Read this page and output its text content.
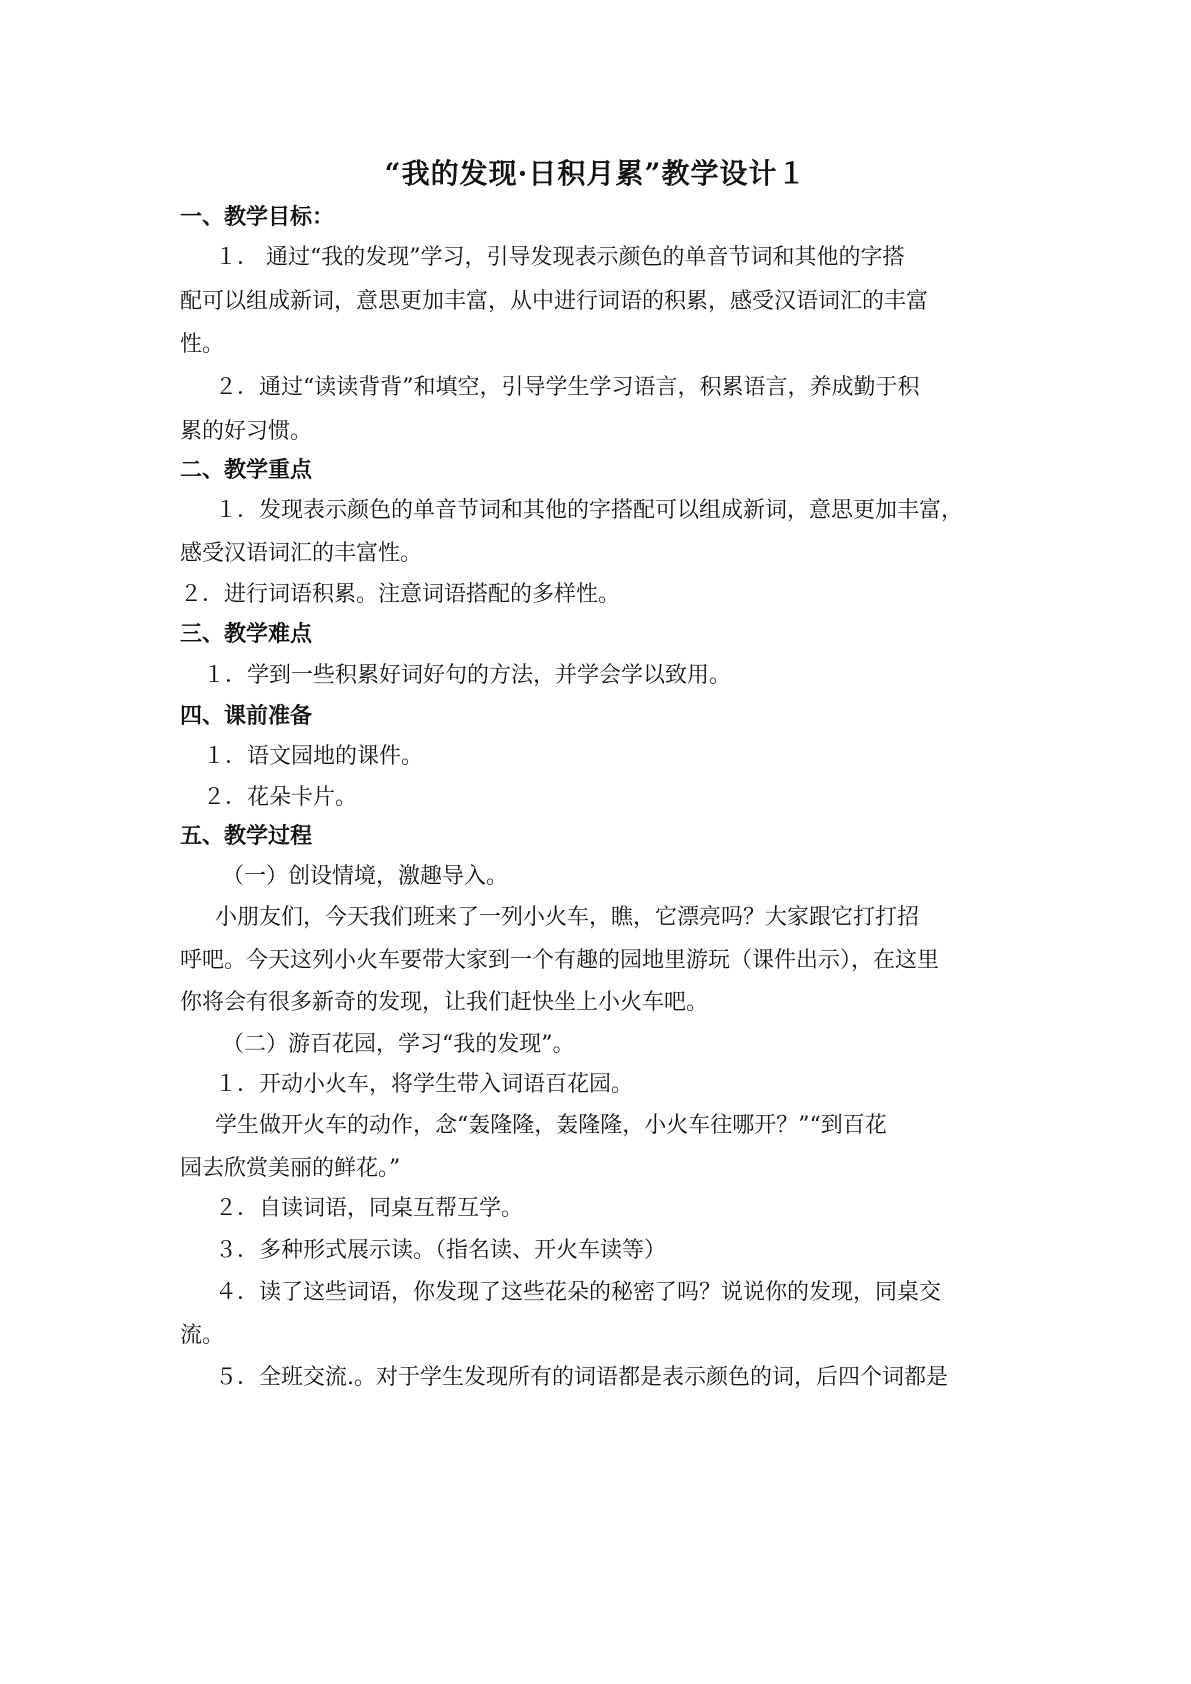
“我的发现·日积月累”教学设计１
一、教学目标：
１． 通过“我的发现”学习，引导发现表示颜色的单音节词和其他的字搭
配可以组成新词，意思更加丰富，从中进行词语的积累，感受汉语词汇的丰富
性。
２．通过“读读背背”和填空，引导学生学习语言，积累语言，养成勤于积
累的好习惯。
二、教学重点
１．发现表示颜色的单音节词和其他的字搭配可以组成新词，意思更加丰富，
感受汉语词汇的丰富性。
２．进行词语积累。注意词语搭配的多样性。
三、教学难点
１．学到一些积累好词好句的方法，并学会学以致用。
四、课前准备
１．语文园地的课件。
２．花朵卡片。
五、教学过程
（一）创设情境，激趣导入。
小朋友们，今天我们班来了一列小火车，瞧，它漂亮吗？大家跟它打打招
呼吧。今天这列小火车要带大家到一个有趣的园地里游玩（课件出示），在这里
你将会有很多新奇的发现，让我们赶快坐上小火车吧。
（二）游百花园，学习“我的发现”。
１．开动小火车，将学生带入词语百花园。
学生做开火车的动作，念“轰隆隆，轰隆隆，小火车往哪开？”“到百花
园去欣赏美丽的鲜花。”
２．自读词语，同桌互帮互学。
３．多种形式展示读。（指名读、开火车读等）
４．读了这些词语，你发现了这些花朵的秘密了吗？说说你的发现，同桌交
流。
５．全班交流.。对于学生发现所有的词语都是表示颜色的词，后四个词都是
